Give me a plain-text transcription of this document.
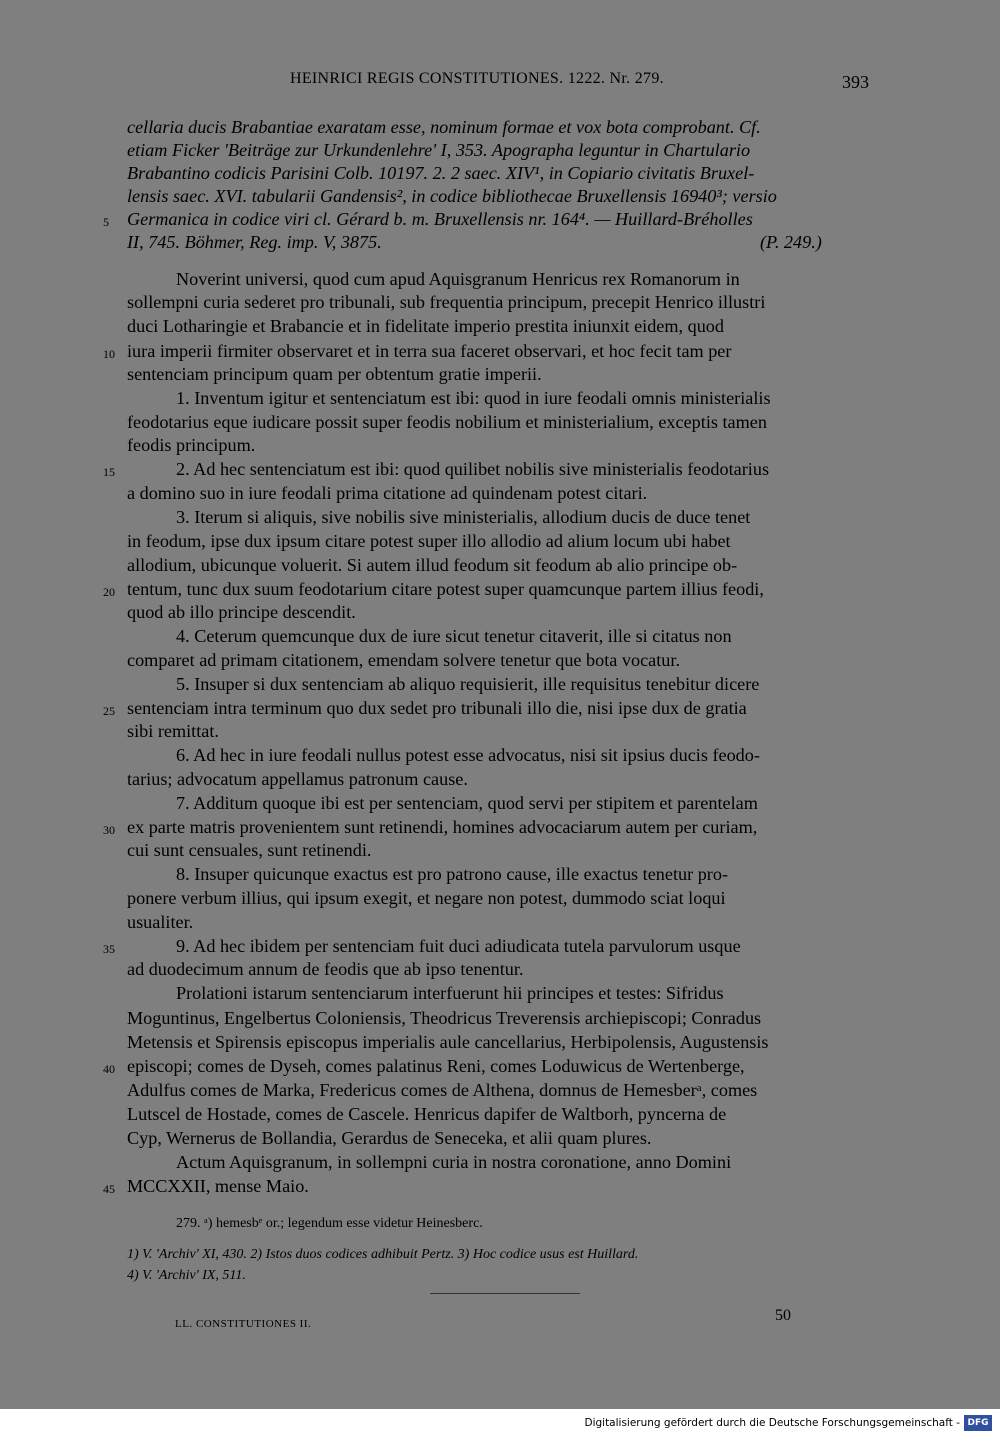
HEINRICI REGIS CONSTITUTIONES. 1222. Nr. 279.	393
cellaria ducis Brabantiae exaratam esse, nominum formae et vox bota comprobant. Cf.
etiam Ficker 'Beiträge zur Urkundenlehre' I, 353. Apographa leguntur in Chartulario
Brabantino codicis Parisini Colb. 10197. 2. 2 saec. XIV¹, in Copiario civitatis Bruxel-
lensis saec. XVI. tabularii Gandensis², in codice bibliothecae Bruxellensis 16940³; versio
Germanica in codice viri cl. Gérard b. m. Bruxellensis nr. 164⁴. — Huillard-Bréholles
II, 745. Böhmer, Reg. imp. V, 3875.	(P. 249.)
Noverint universi, quod cum apud Aquisgranum Henricus rex Romanorum in
sollempni curia sederet pro tribunali, sub frequentia principum, precepit Henrico illustri
duci Lotharingie et Brabancie et in fidelitate imperio prestita iniunxit eidem, quod
iura imperii firmiter observaret et in terra sua faceret observari, et hoc fecit tam per
sentenciam principum quam per obtentum gratie imperii.
1. Inventum igitur et sentenciatum est ibi: quod in iure feodali omnis ministerialis
feodotarius eque iudicare possit super feodis nobilium et ministerialium, exceptis tamen
feodis principum.
2. Ad hec sentenciatum est ibi: quod quilibet nobilis sive ministerialis feodotarius
a domino suo in iure feodali prima citatione ad quindenam potest citari.
3. Iterum si aliquis, sive nobilis sive ministerialis, allodium ducis de duce tenet
in feodum, ipse dux ipsum citare potest super illo allodio ad alium locum ubi habet
allodium, ubicunque voluerit. Si autem illud feodum sit feodum ab alio principe ob-
tentum, tunc dux suum feodotarium citare potest super quamcunque partem illius feodi,
quod ab illo principe descendit.
4. Ceterum quemcunque dux de iure sicut tenetur citaverit, ille si citatus non
comparet ad primam citationem, emendam solvere tenetur que bota vocatur.
5. Insuper si dux sentenciam ab aliquo requisierit, ille requisitus tenebitur dicere
sentenciam intra terminum quo dux sedet pro tribunali illo die, nisi ipse dux de gratia
sibi remittat.
6. Ad hec in iure feodali nullus potest esse advocatus, nisi sit ipsius ducis feodo-
tarius; advocatum appellamus patronum cause.
7. Additum quoque ibi est per sentenciam, quod servi per stipitem et parentelam
ex parte matris provenientem sunt retinendi, homines advocaciarum autem per curiam,
cui sunt censuales, sunt retinendi.
8. Insuper quicunque exactus est pro patrono cause, ille exactus tenetur pro-
ponere verbum illius, qui ipsum exegit, et negare non potest, dummodo sciat loqui
usualiter.
9. Ad hec ibidem per sentenciam fuit duci adiudicata tutela parvulorum usque
ad duodecimum annum de feodis que ab ipso tenentur.
Prolationi istarum sentenciarum interfuerunt hii principes et testes: Sifridus
Moguntinus, Engelbertus Coloniensis, Theodricus Treverensis archiepiscopi; Conradus
Metensis et Spirensis episcopus imperialis aule cancellarius, Herbipolensis, Augustensis
episcopi; comes de Dyseh, comes palatinus Reni, comes Loduwicus de Wertenberge,
Adulfus comes de Marka, Fredericus comes de Althena, domnus de Hemesberᵃ, comes
Lutscel de Hostade, comes de Cascele. Henricus dapifer de Waltborh, pyncerna de
Cyp, Wernerus de Bollandia, Gerardus de Seneceka, et alii quam plures.
Actum Aquisgranum, in sollempni curia in nostra coronatione, anno Domini
MCCXXII, mense Maio.
5
10
15
20
25
30
35
40
45
279. ᵃ) hemesbᵉ or.; legendum esse videtur Heinesberc.
1) V. 'Archiv' XI, 430. 2) Istos duos codices adhibuit Pertz. 3) Hoc codice usus est Huillard.
4) V. 'Archiv' IX, 511.
LL. CONSTITUTIONES II.	50
Digitalisierung gefördert durch die Deutsche Forschungsgemeinschaft - DFG
